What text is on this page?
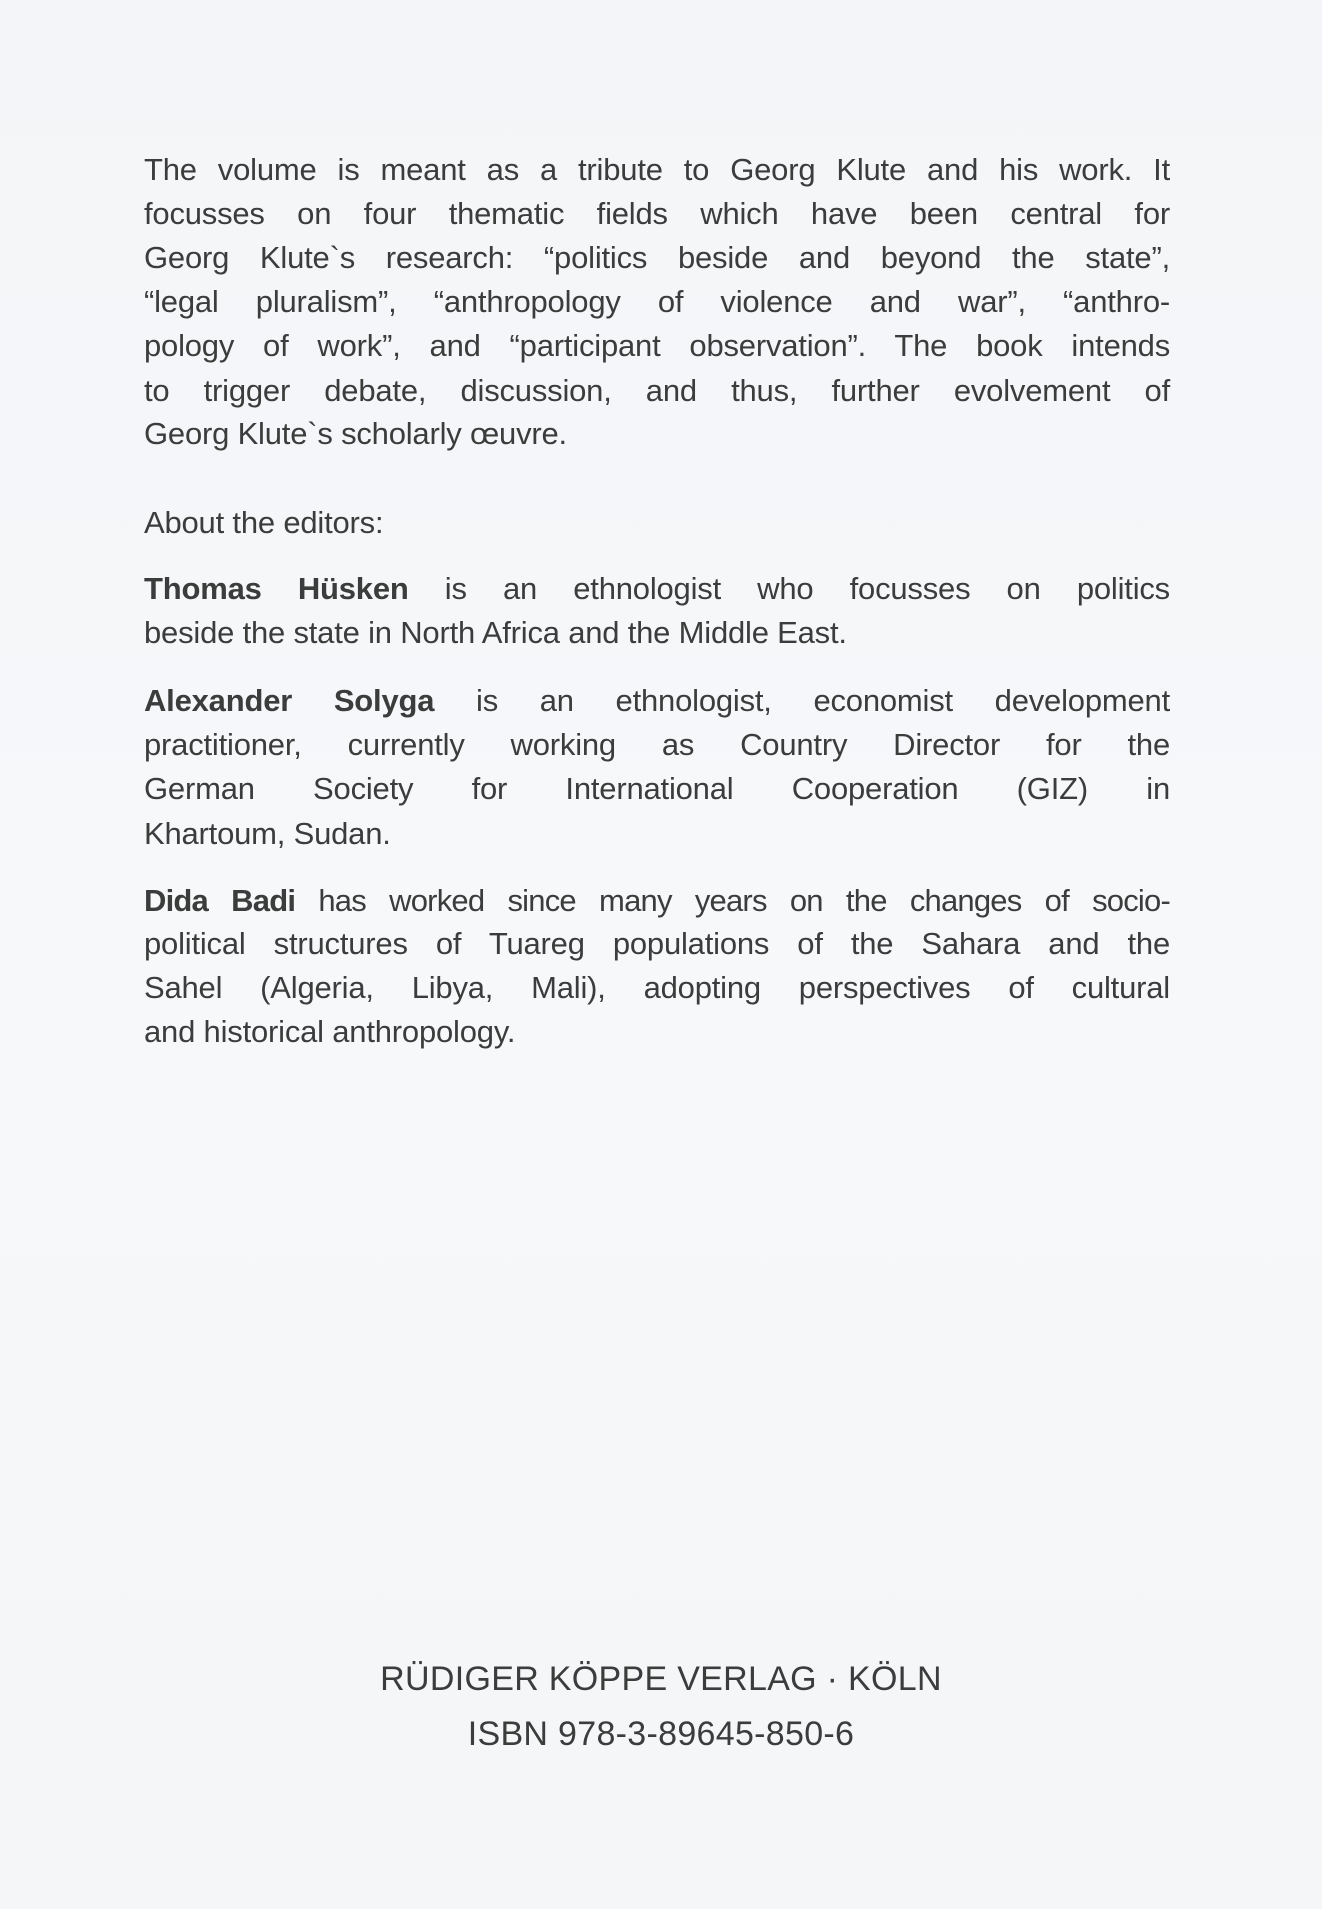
The volume is meant as a tribute to Georg Klute and his work. It
focusses on four thematic fields which have been central for
Georg Klute`s research: “politics beside and beyond the state”,
“legal pluralism”, “anthropology of violence and war”, “anthro-
pology of work”, and “participant observation”. The book intends
to trigger debate, discussion, and thus, further evolvement of
Georg Klute`s scholarly œuvre.
About the editors:
Thomas Hüsken is an ethnologist who focusses on politics
beside the state in North Africa and the Middle East.
Alexander Solyga is an ethnologist, economist development
practitioner, currently working as Country Director for the
German Society for International Cooperation (GIZ) in
Khartoum, Sudan.
Dida Badi has worked since many years on the changes of socio-
political structures of Tuareg populations of the Sahara and the
Sahel (Algeria, Libya, Mali), adopting perspectives of cultural
and historical anthropology.
RÜDIGER KÖPPE VERLAG · KÖLN
ISBN 978-3-89645-850-6
